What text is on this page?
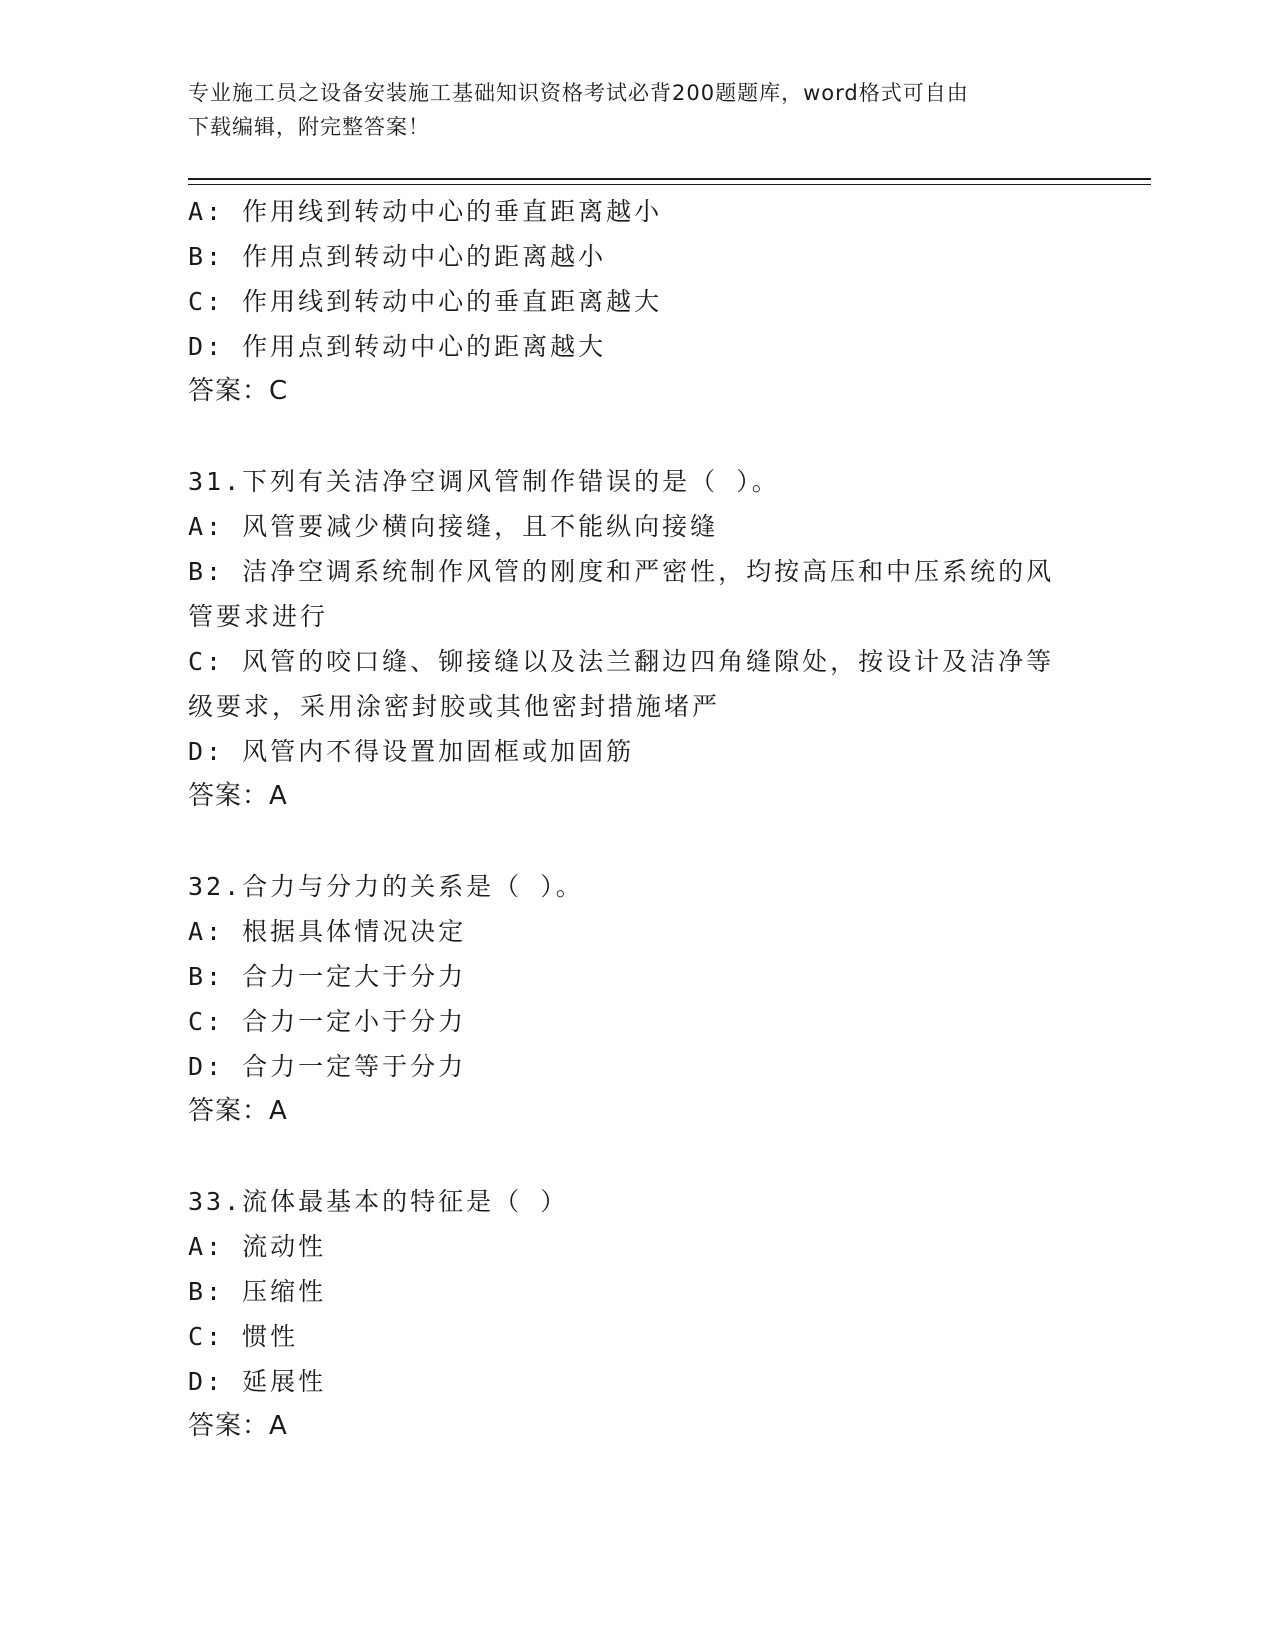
专业施工员之设备安装施工基础知识资格考试必背200题题库，word格式可自由
下载编辑，附完整答案！
A: 作用线到转动中心的垂直距离越小
B: 作用点到转动中心的距离越小
C: 作用线到转动中心的垂直距离越大
D: 作用点到转动中心的距离越大
答案：C
31.下列有关洁净空调风管制作错误的是（ ）。
A: 风管要减少横向接缝，且不能纵向接缝
B: 洁净空调系统制作风管的刚度和严密性，均按高压和中压系统的风
管要求进行
C: 风管的咬口缝、铆接缝以及法兰翻边四角缝隙处，按设计及洁净等
级要求，采用涂密封胶或其他密封措施堵严
D: 风管内不得设置加固框或加固筋
答案：A
32.合力与分力的关系是（ ）。
A: 根据具体情况决定
B: 合力一定大于分力
C: 合力一定小于分力
D: 合力一定等于分力
答案：A
33.流体最基本的特征是（ ）
A: 流动性
B: 压缩性
C: 惯性
D: 延展性
答案：A
